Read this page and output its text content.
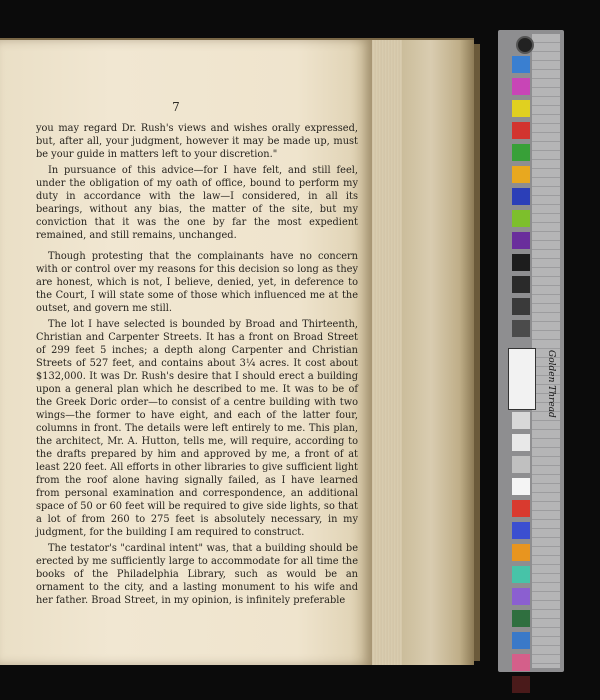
7

you may regard Dr. Rush's views and wishes orally expressed, but, after all, your judgment, however it may be made up, must be your guide in matters left to your discretion."

In pursuance of this advice—for I have felt, and still feel, under the obligation of my oath of office, bound to perform my duty in accordance with the law—I considered, in all its bearings, without any bias, the matter of the site, but my conviction that it was the one by far the most expedient remained, and still remains, unchanged.

Though protesting that the complainants have no concern with or control over my reasons for this decision so long as they are honest, which is not, I believe, denied, yet, in deference to the Court, I will state some of those which influenced me at the outset, and govern me still.

The lot I have selected is bounded by Broad and Thirteenth, Christian and Carpenter Streets. It has a front on Broad Street of 299 feet 5 inches; a depth along Carpenter and Christian Streets of 527 feet, and contains about 3¼ acres. It cost about $132,000. It was Dr. Rush's desire that I should erect a building upon a general plan which he described to me. It was to be of the Greek Doric order—to consist of a centre building with two wings—the former to have eight, and each of the latter four, columns in front. The details were left entirely to me. This plan, the architect, Mr. A. Hutton, tells me, will require, according to the drafts prepared by him and approved by me, a front of at least 220 feet. All efforts in other libraries to give sufficient light from the roof alone having signally failed, as I have learned from personal examination and correspondence, an additional space of 50 or 60 feet will be required to give side lights, so that a lot of from 260 to 275 feet is absolutely necessary, in my judgment, for the building I am required to construct.

The testator's "cardinal intent" was, that a building should be erected by me sufficiently large to accommodate for all time the books of the Philadelphia Library, such as would be an ornament to the city, and a lasting monument to his wife and her father. Broad Street, in my opinion, is infinitely preferable

Golden Thread
